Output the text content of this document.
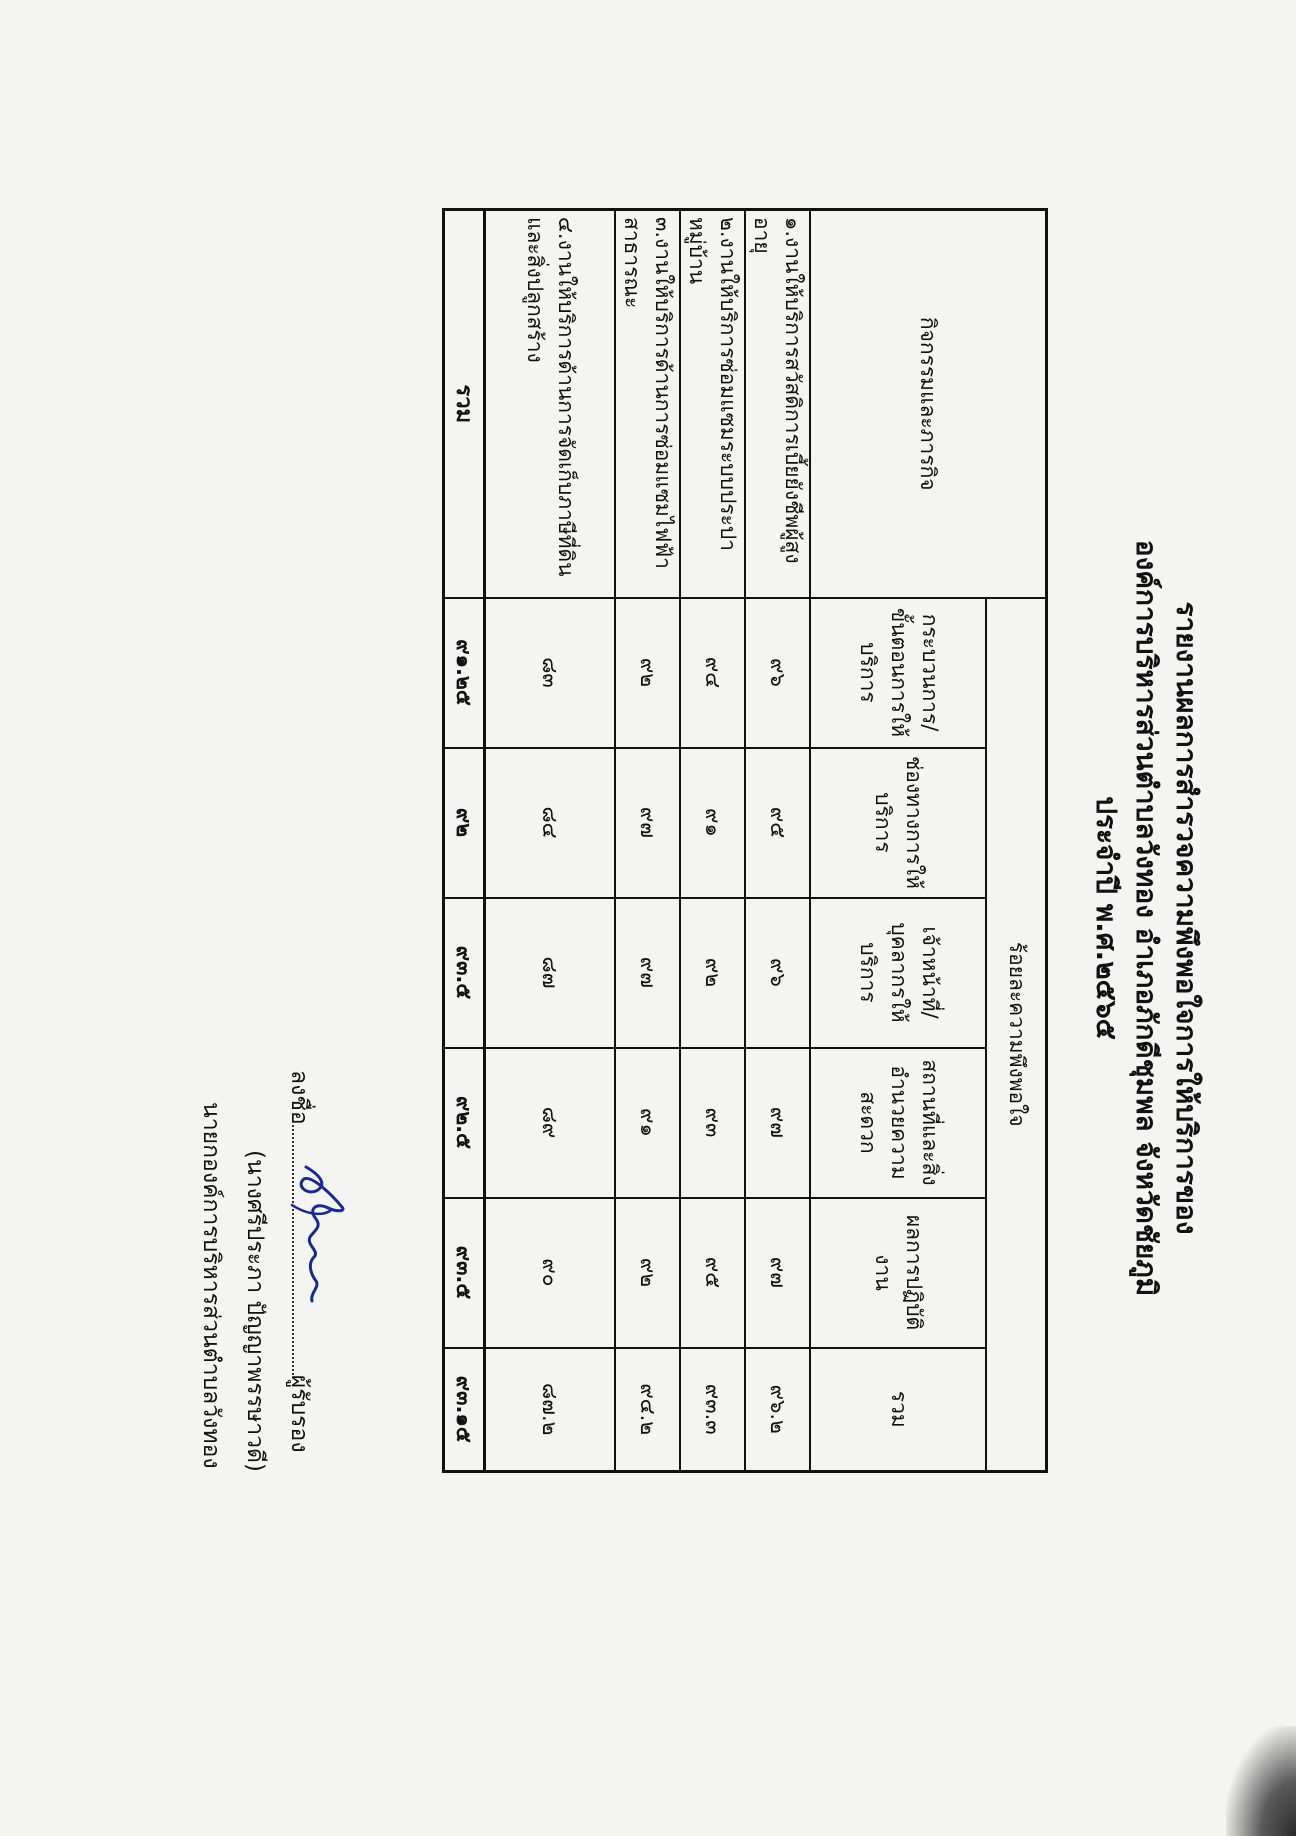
รายงานผลการสำรวจความพึงพอใจการให้บริการของ
องค์การบริหารส่วนตำบลวังทอง อำเภอภักดีชุมพล จังหวัดชัยภูมิ
ประจำปี พ.ศ.๒๕๖๕
กิจกรรมและภารกิจ	ร้อยละความพึงพอใจ					
	กระบวนการ/ขั้นตอนการให้บริการ	ช่องทางการให้บริการ	เจ้าหน้าที่/บุคลากรให้บริการ	สถานที่และสิ่งอำนวยความสะดวก	ผลการปฏิบัติงาน	รวม
๑.งานให้บริการสวัสดิการเบี้ยยังชีพผู้สูงอายุ	๙๖	๙๕	๙๖	๙๗	๙๗	๙๖.๒
๒.งานให้บริการซ่อมแซมระบบประปาหมู่บ้าน	๙๔	๙๑	๙๒	๙๓	๙๕	๙๓.๓
๓.งานให้บริการด้านการซ่อมแซมไฟฟ้าสาธารณะ	๙๒	๙๗	๙๗	๙๑	๙๒	๙๔.๒
๔.งานให้บริการด้านการจัดเก็บภาษีที่ดินและสิ่งปลูกสร้าง	๘๓	๘๔	๘๗	๘๙	๙๐	๘๗.๒
รวม	๙๑.๒๕	๙๒	๙๓.๕	๙๒.๕	๙๓.๕	๙๓.๑๕
ลงชื่อ
ผู้รับรอง
(นางศรีประภา ปัญญาพรรษาวดี)
นายกองค์การบริหารส่วนตำบลวังทอง
